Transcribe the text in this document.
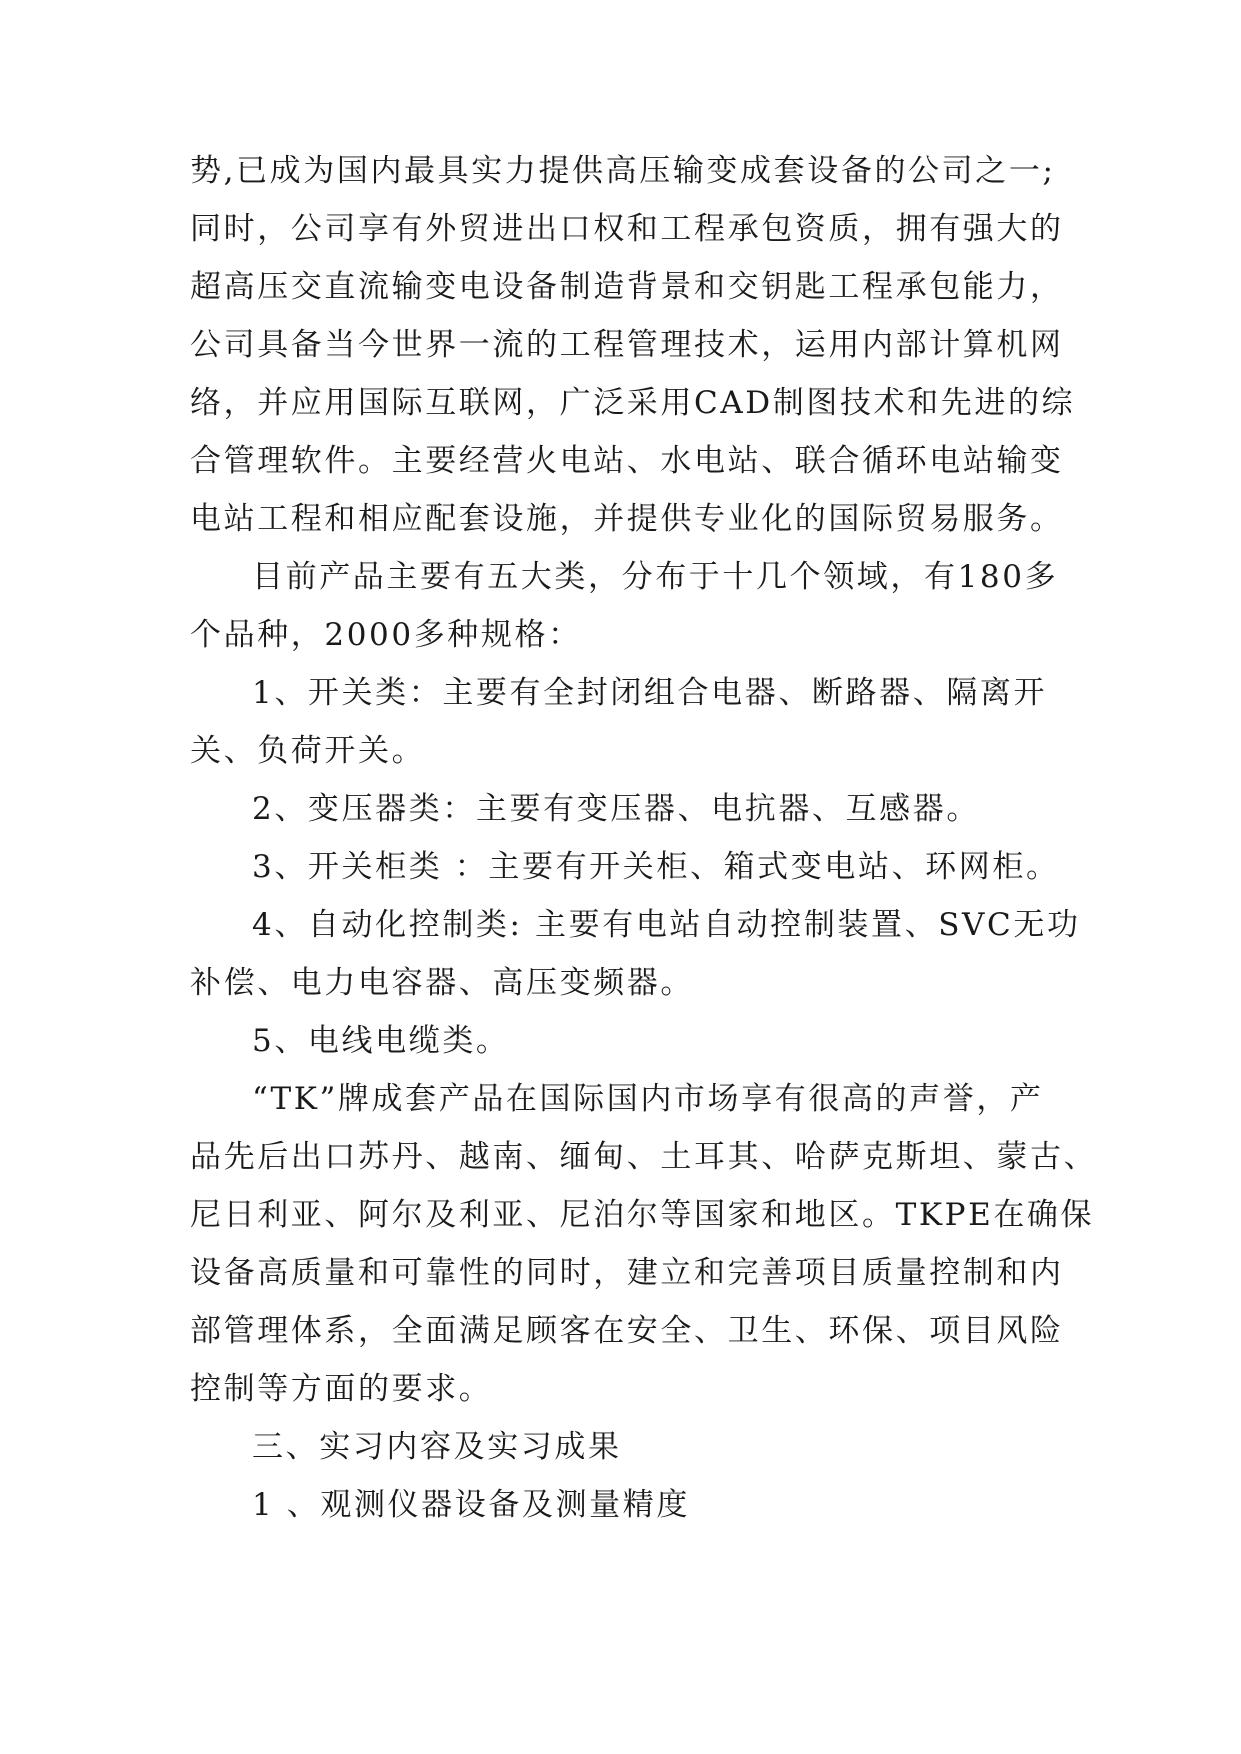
势,已成为国内最具实力提供高压输变成套设备的公司之一;
同时，公司享有外贸进出口权和工程承包资质，拥有强大的
超高压交直流输变电设备制造背景和交钥匙工程承包能力，
公司具备当今世界一流的工程管理技术，运用内部计算机网
络，并应用国际互联网，广泛采用CAD制图技术和先进的综
合管理软件。主要经营火电站、水电站、联合循环电站输变
电站工程和相应配套设施，并提供专业化的国际贸易服务。
目前产品主要有五大类，分布于十几个领域，有180多
个品种，2000多种规格：
1、开关类：主要有全封闭组合电器、断路器、隔离开
关、负荷开关。
2、变压器类：主要有变压器、电抗器、互感器。
3、开关柜类 ：主要有开关柜、箱式变电站、环网柜。
4、自动化控制类: 主要有电站自动控制装置、SVC无功
补偿、电力电容器、高压变频器。
5、电线电缆类。
“TK”牌成套产品在国际国内市场享有很高的声誉，产
品先后出口苏丹、越南、缅甸、土耳其、哈萨克斯坦、蒙古、
尼日利亚、阿尔及利亚、尼泊尔等国家和地区。TKPE在确保
设备高质量和可靠性的同时，建立和完善项目质量控制和内
部管理体系，全面满足顾客在安全、卫生、环保、项目风险
控制等方面的要求。
三、实习内容及实习成果
1 、观测仪器设备及测量精度
